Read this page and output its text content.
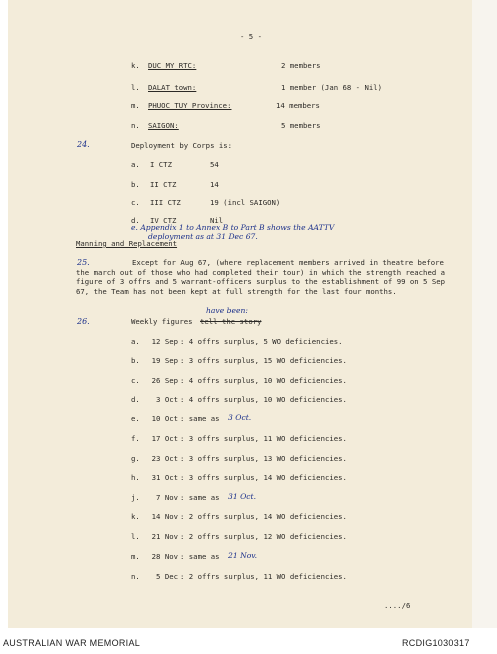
- 5 -
k. DUC MY RTC:	2 members
l. DALAT town:	1 member (Jan 68 - Nil)
m. PHUOC TUY Province:	14 members
n. SAIGON:	5 members
24.	Deployment by Corps is:
a. I CTZ	54
b. II CTZ	14
c. III CTZ	19 (incl SAIGON)
d. IV CTZ	Nil
e. Appendix 1 to Annex B to Part B shows the AATTV
deployment as at 31 Dec 67.
Manning and Replacement
25.	Except for Aug 67, (where replacement members arrived in theatre before the march out of those who had completed their tour) in which the strength reached a figure of 3 offrs and 5 warrant-officers surplus to the establishment of 99 on 5 Sep 67, the Team has not been kept at full strength for the last four months.
26.	Weekly figures tell the story
have been:
a.	12 Sep : 4 offrs surplus, 5 WO deficiencies.
b.	19 Sep : 3 offrs surplus, 15 WO deficiencies.
c.	26 Sep : 4 offrs surplus, 10 WO deficiencies.
d.	3 Oct : 4 offrs surplus, 10 WO deficiencies.
e.	10 Oct : same as 3 Oct.
f.	17 Oct : 3 offrs surplus, 11 WO deficiencies.
g.	23 Oct : 3 offrs surplus, 13 WO deficiencies.
h.	31 Oct : 3 offrs surplus, 14 WO deficiencies.
j.	7 Nov : same as 31 Oct.
k.	14 Nov : 2 offrs surplus, 14 WO deficiencies.
l.	21 Nov : 2 offrs surplus, 12 WO deficiencies.
m.	28 Nov : same as 21 Nov.
n.	5 Dec : 2 offrs surplus, 11 WO deficiencies.
..../6
AUSTRALIAN WAR MEMORIAL	RCDIG1030317
